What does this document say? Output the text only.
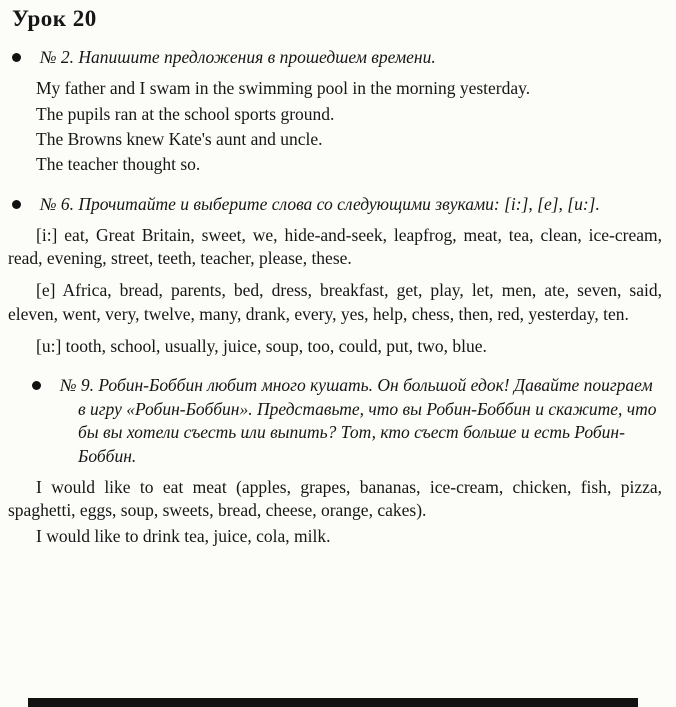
Урок 20
№ 2. Напишите предложения в прошедшем времени.

My father and I swam in the swimming pool in the morning yesterday.

The pupils ran at the school sports ground.

The Browns knew Kate's aunt and uncle.

The teacher thought so.

№ 6. Прочитайте и выберите слова со следующими звуками: [i:], [e], [u:].

[i:] eat, Great Britain, sweet, we, hide-and-seek, leapfrog, meat, tea, clean, ice-cream, read, evening, street, teeth, teacher, please, these.

[e] Africa, bread, parents, bed, dress, breakfast, get, play, let, men, ate, seven, said, eleven, went, very, twelve, many, drank, every, yes, help, chess, then, red, yesterday, ten.

[u:] tooth, school, usually, juice, soup, too, could, put, two, blue.

№ 9. Робин-Боббин любит много кушать. Он большой едок! Давайте поиграем в игру «Робин-Боббин». Представьте, что вы Робин-Боббин и скажите, что бы вы хотели съесть или выпить? Тот, кто съест больше и есть Робин-Боббин.

I would like to eat meat (apples, grapes, bananas, ice-cream, chicken, fish, pizza, spaghetti, eggs, soup, sweets, bread, cheese, orange, cakes).

I would like to drink tea, juice, cola, milk.
